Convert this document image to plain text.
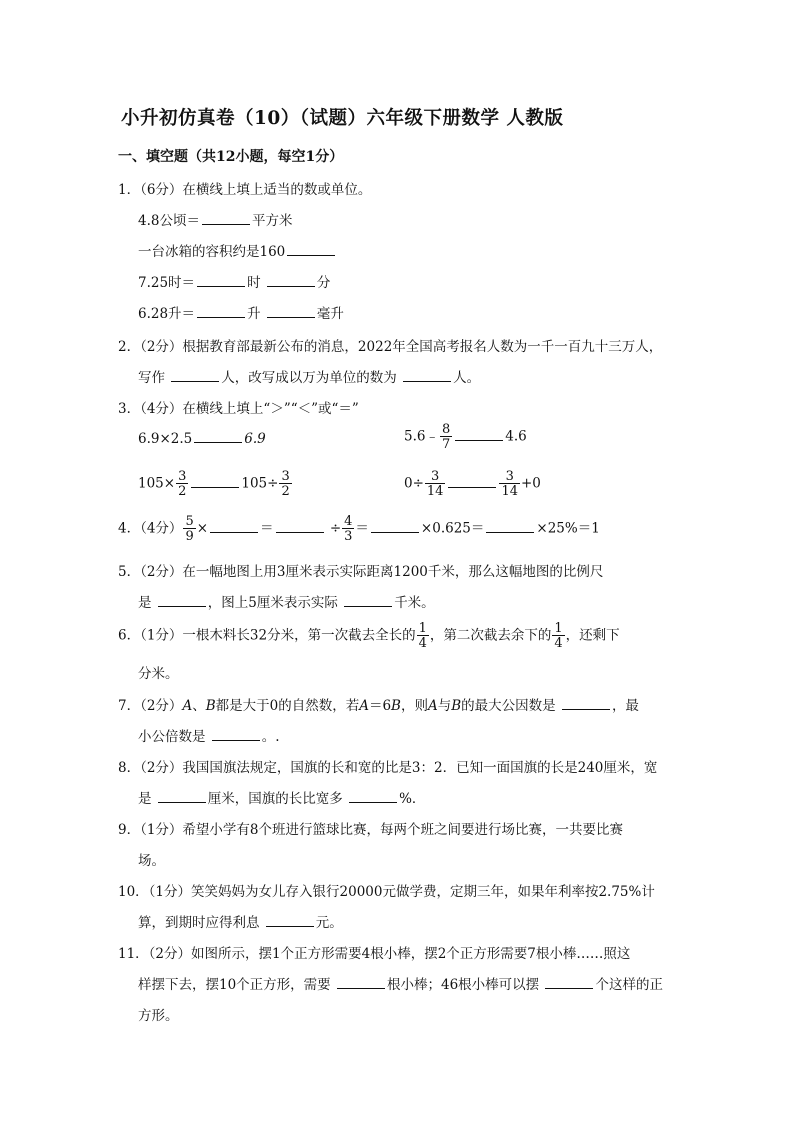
小升初仿真卷（10）（试题）六年级下册数学 人教版
一、填空题（共12小题，每空1分）
1．（6分）在横线上填上适当的数或单位。
4.8公顷＝	平方米
一台冰箱的容积约是160
7.25时＝	时	分
6.28升＝	升	毫升
2．（2分）根据教育部最新公布的消息，2022年全国高考报名人数为一千一百九十三万人，
写作	人，改写成以万为单位的数为	人。
3．（4分）在横线上填上“＞”“＜”或“＝”
6.9×2.5	6.9	5.6﹣ $\frac{8}{7}$	4.6
$105\times \frac{3}{2}$	$105\div \frac{3}{2}$	$0\div \frac{3}{14}$	$\frac{3}{14} +0$
4．（4分） $\frac{5}{9}$ ×	＝	÷ $\frac{4}{3}$ ＝	×0.625＝	×25%＝1
5．（2分）在一幅地图上用3厘米表示实际距离1200千米，那么这幅地图的比例尺
是	，图上5厘米表示实际	千米。
6．（1分）一根木料长32分米，第一次截去全长的 $\frac{1}{4}$ ，第二次截去余下的 $\frac{1}{4}$ ，还剩下
分米。
7．（2分）A、B都是大于0的自然数，若A＝6B，则A与B的最大公因数是	，最
小公倍数是	。.
8．（2分）我国国旗法规定，国旗的长和宽的比是3：2．已知一面国旗的长是240厘米，宽
是	厘米，国旗的长比宽多	%．
9．（1分）希望小学有8个班进行篮球比赛，每两个班之间要进行场比赛，一共要比赛
场。
10．（1分）笑笑妈妈为女儿存入银行20000元做学费，定期三年，如果年利率按2.75%计
算，到期时应得利息	元。
11．（2分）如图所示，摆1个正方形需要4根小棒，摆2个正方形需要7根小棒……照这
样摆下去，摆10个正方形，需要	根小棒；46根小棒可以摆	个这样的正
方形。
